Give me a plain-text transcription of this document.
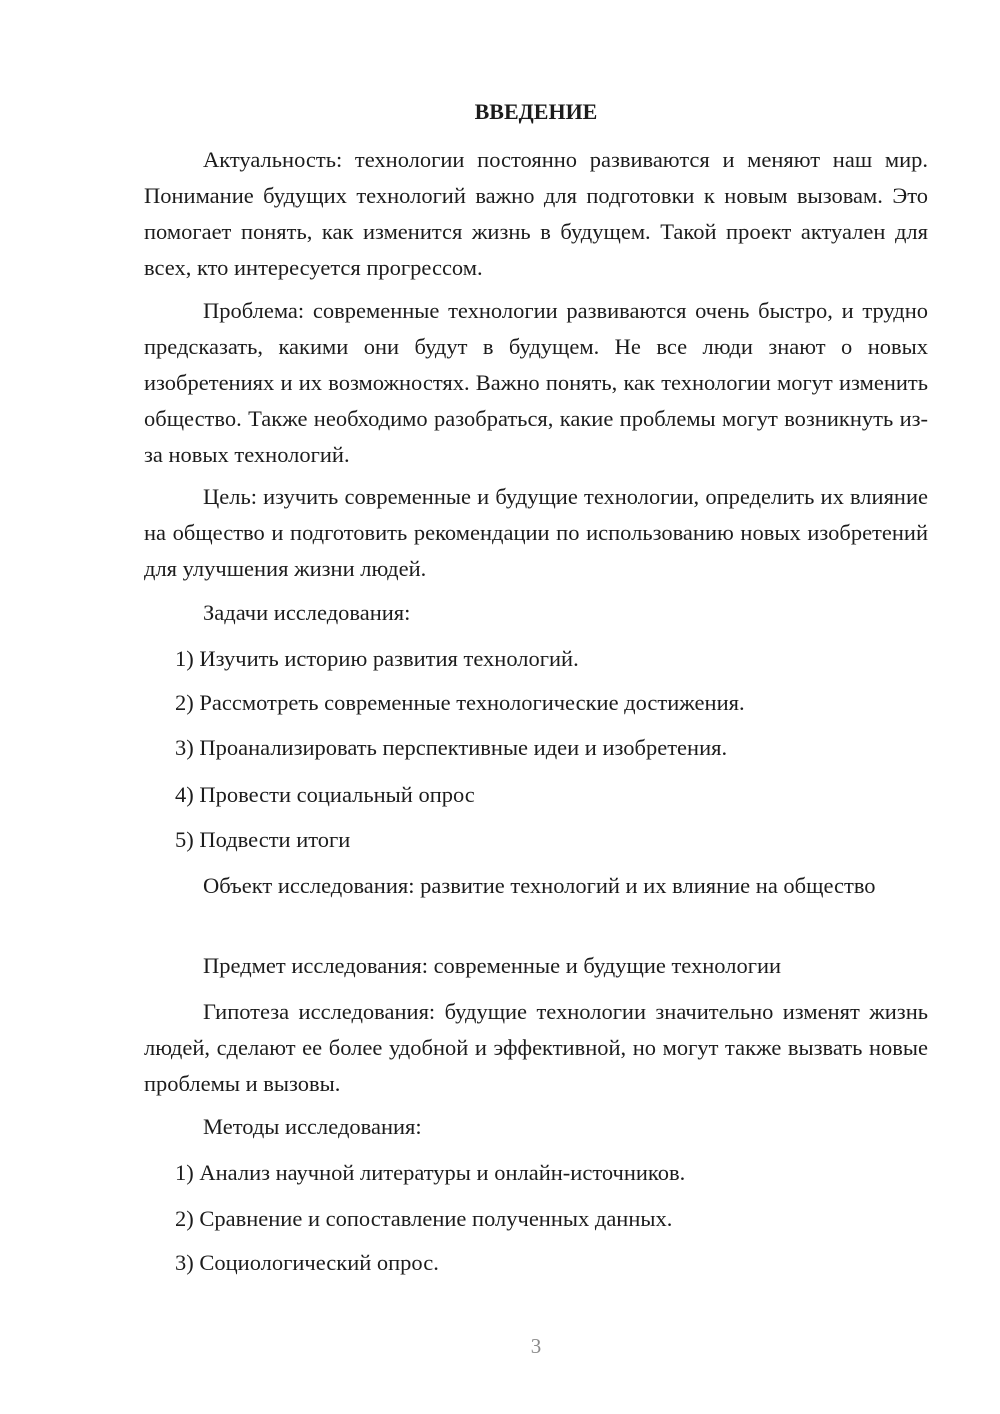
ВВЕДЕНИЕ

Актуальность: технологии постоянно развиваются и меняют наш мир. Понимание будущих технологий важно для подготовки к новым вызовам. Это помогает понять, как изменится жизнь в будущем. Такой проект актуален для всех, кто интересуется прогрессом.

Проблема: современные технологии развиваются очень быстро, и трудно предсказать, какими они будут в будущем. Не все люди знают о новых изобретениях и их возможностях. Важно понять, как технологии могут изменить общество. Также необходимо разобраться, какие проблемы могут возникнуть из-за новых технологий.

Цель: изучить современные и будущие технологии, определить их влияние на общество и подготовить рекомендации по использованию новых изобретений для улучшения жизни людей.

Задачи исследования:

1) Изучить историю развития технологий.

2) Рассмотреть современные технологические достижения.

3) Проанализировать перспективные идеи и изобретения.

4) Провести социальный опрос

5) Подвести итоги

Объект исследования: развитие технологий и их влияние на общество

Предмет исследования: современные и будущие технологии

Гипотеза исследования: будущие технологии значительно изменят жизнь людей, сделают ее более удобной и эффективной, но могут также вызвать новые проблемы и вызовы.

Методы исследования:

1) Анализ научной литературы и онлайн-источников.

2) Сравнение и сопоставление полученных данных.

3) Социологический опрос.

3
